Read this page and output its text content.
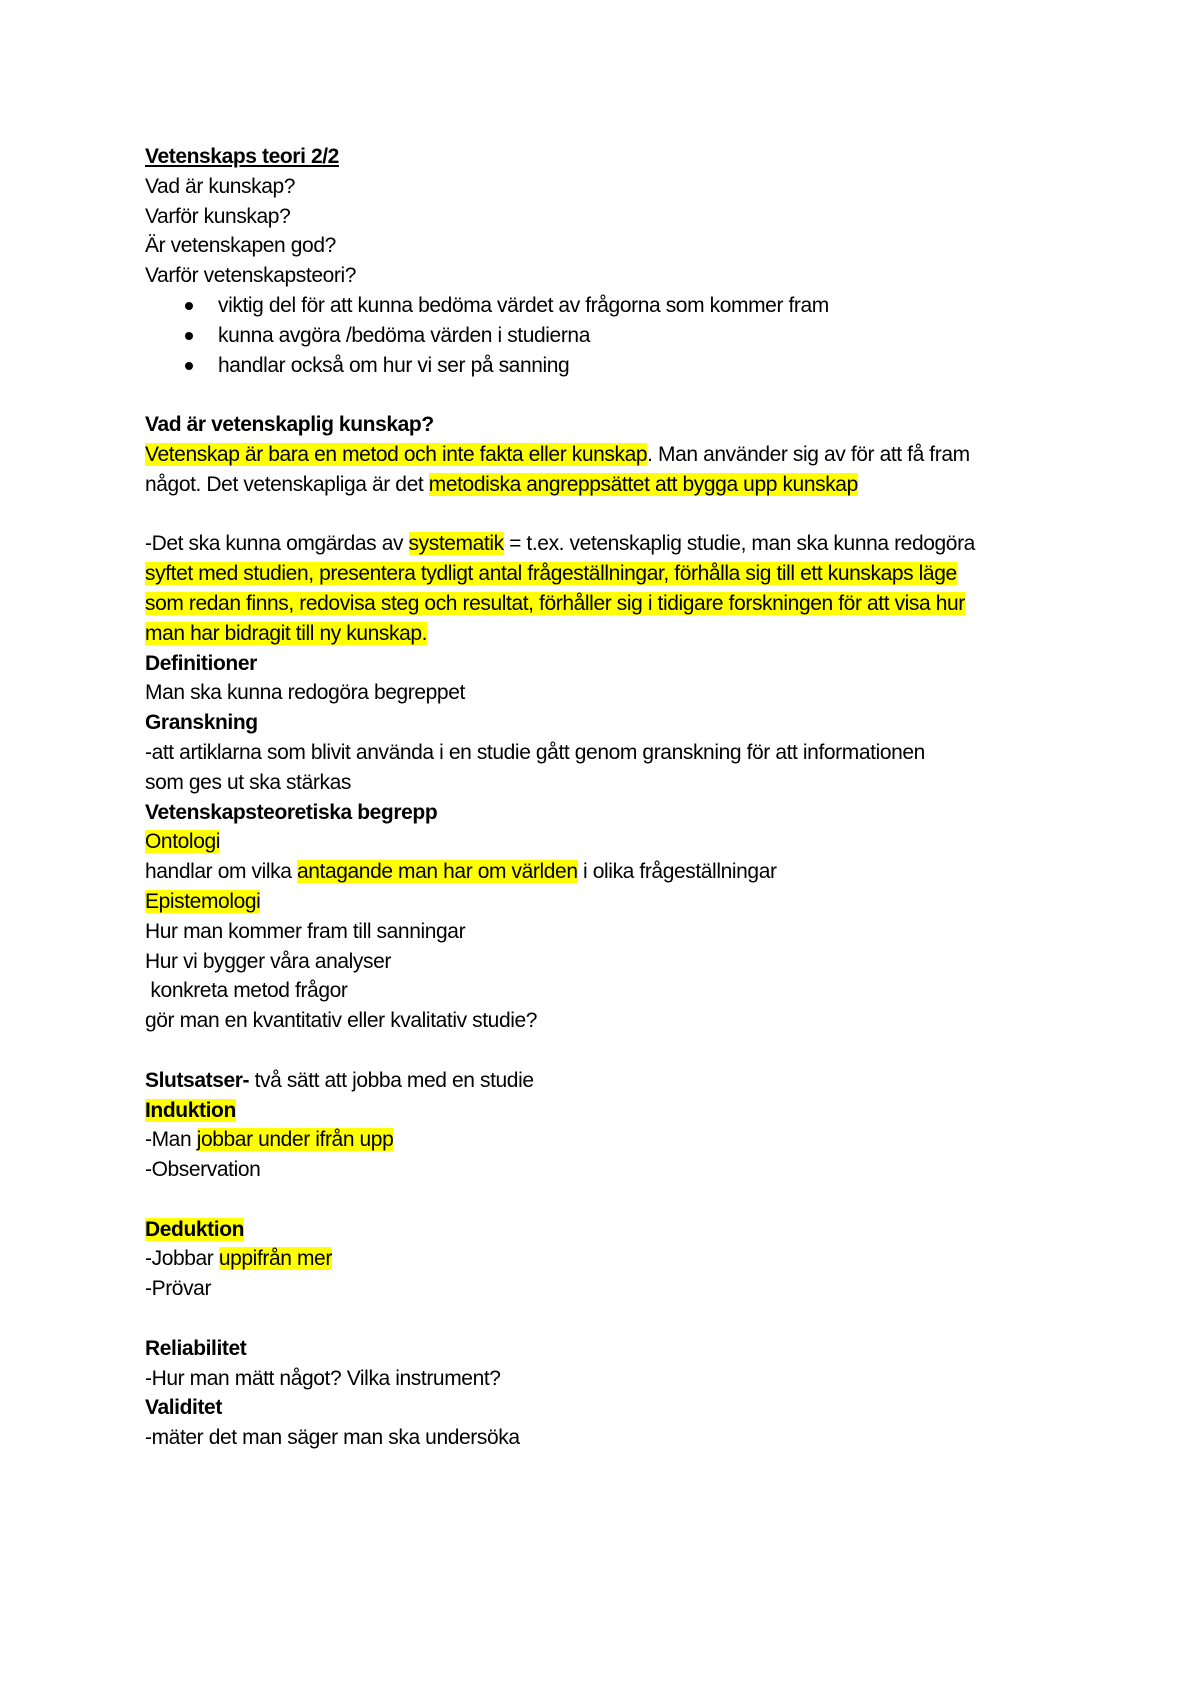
Vetenskaps teori 2/2
Vad är kunskap?
Varför kunskap?
Är vetenskapen god?
Varför vetenskapsteori?
viktig del för att kunna bedöma värdet av frågorna som kommer fram
kunna avgöra /bedöma värden i studierna
handlar också om hur vi ser på sanning
Vad är vetenskaplig kunskap?
Vetenskap är bara en metod och inte fakta eller kunskap. Man använder sig av för att få fram
något. Det vetenskapliga är det metodiska angreppsättet att bygga upp kunskap
-Det ska kunna omgärdas av systematik = t.ex. vetenskaplig studie, man ska kunna redogöra
syftet med studien, presentera tydligt antal frågeställningar, förhålla sig till ett kunskaps läge
som redan finns, redovisa steg och resultat, förhåller sig i tidigare forskningen för att visa hur
man har bidragit till ny kunskap.
Definitioner
Man ska kunna redogöra begreppet
Granskning
-att artiklarna som blivit använda i en studie gått genom granskning för att informationen
som ges ut ska stärkas
Vetenskapsteoretiska begrepp
Ontologi
handlar om vilka antagande man har om världen i olika frågeställningar
Epistemologi
Hur man kommer fram till sanningar
Hur vi bygger våra analyser
konkreta metod frågor
gör man en kvantitativ eller kvalitativ studie?
Slutsatser- två sätt att jobba med en studie
Induktion
-Man jobbar under ifrån upp
-Observation
Deduktion
-Jobbar uppifrån mer
-Prövar
Reliabilitet
-Hur man mätt något? Vilka instrument?
Validitet
-mäter det man säger man ska undersöka
